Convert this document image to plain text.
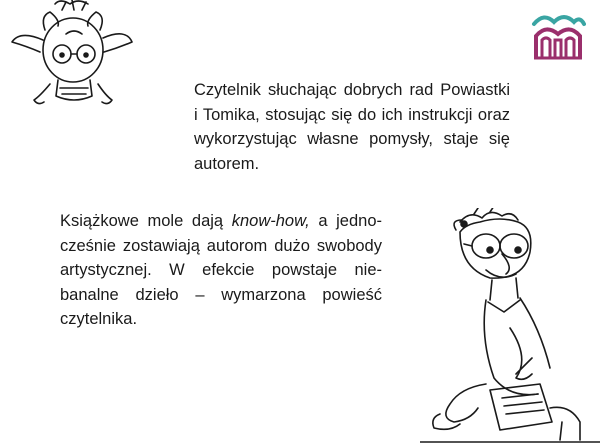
Czytelnik słuchając dobrych rad Powiastki
i Tomika, stosując się do ich instrukcji oraz
wykorzystując własne pomysły, staje się
autorem.
Książkowe mole dają know-how, a jedno-
cześnie zostawiają autorom dużo swobody
artystycznej. W efekcie powstaje nie-
banalne dzieło – wymarzona powieść
czytelnika.
